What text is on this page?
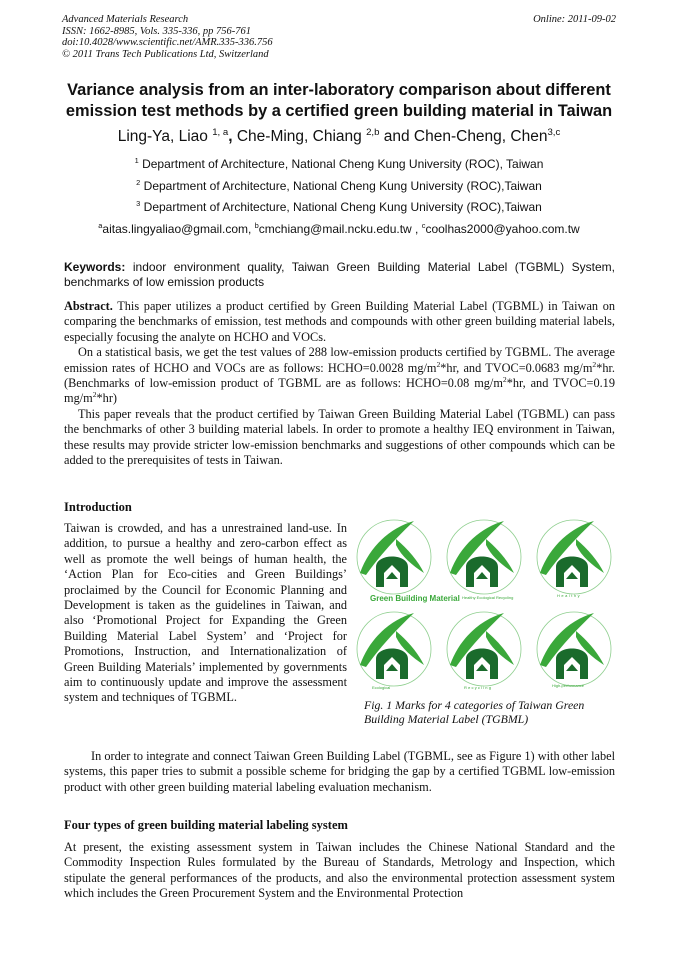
Advanced Materials Research
ISSN: 1662-8985, Vols. 335-336, pp 756-761
doi:10.4028/www.scientific.net/AMR.335-336.756
© 2011 Trans Tech Publications Ltd, Switzerland
Online: 2011-09-02
Variance analysis from an inter-laboratory comparison about different
emission test methods by a certified green building material in Taiwan
Ling-Ya, Liao $^{1, a}$, Che-Ming, Chiang $^{2,b}$ and Chen-Cheng, Chen$^{3,c}$
$^1$ Department of Architecture, National Cheng Kung University (ROC), Taiwan
$^2$ Department of Architecture, National Cheng Kung University (ROC),Taiwan
$^3$ Department of Architecture, National Cheng Kung University (ROC),Taiwan
$^a$aitas.lingyaliao@gmail.com, $^b$cmchiang@mail.ncku.edu.tw , $^c$coolhas2000@yahoo.com.tw
Keywords: indoor environment quality, Taiwan Green Building Material Label (TGBML) System, benchmarks of low emission products

Abstract. This paper utilizes a product certified by Green Building Material Label (TGBML) in Taiwan on comparing the benchmarks of emission, test methods and compounds with other green building material labels, especially focusing the analyte on HCHO and VOCs.

On a statistical basis, we get the test values of 288 low-emission products certified by TGBML. The average emission rates of HCHO and VOCs are as follows: HCHO=0.0028 $mg/m^2*hr$, and TVOC=0.0683 $mg/m^2*hr$. (Benchmarks of low-emission product of TGBML are as follows: HCHO=0.08 $mg/m^2*hr$, and TVOC=0.19 $mg/m^2*hr$)

This paper reveals that the product certified by Taiwan Green Building Material Label (TGBML) can pass the benchmarks of other 3 building material labels. In order to promote a healthy IEQ environment in Taiwan, these results may provide stricter low-emission benchmarks and suggestions of other compounds which can be added to the prerequisites of tests in Taiwan.

Introduction
Taiwan is crowded, and has a unrestrained land-use. In addition, to pursue a healthy and zero-carbon effect as well as promote the well beings of human health, the ‘Action Plan for Eco-cities and Green Buildings’ proclaimed by the Council for Economic Planning and Development is taken as the guidelines in Taiwan, and also ‘Promotional Project for Expanding the Green Building Material Label System’ and ‘Project for Promotions, Instruction, and Internationalization of Green Building Materials’ implemented by governments aim to continuously update and improve the assessment system and techniques of TGBML.
Green Building Material Healthy Ecological Recycling	Healthy
Ecological	Recycling	High-performance
Fig. 1 Marks for 4 categories of Taiwan Green Building Material Label (TGBML)
In order to integrate and connect Taiwan Green Building Label (TGBML, see as Figure 1) with other label systems, this paper tries to submit a possible scheme for bridging the gap by a certified TGBML low-emission product with other green building material labeling evaluation mechanism.
Four types of green building material labeling system
At present, the existing assessment system in Taiwan includes the Chinese National Standard and the Commodity Inspection Rules formulated by the Bureau of Standards, Metrology and Inspection, which stipulate the general performances of the products, and also the environmental protection assessment system which includes the Green Procurement System and the Environmental Protection
